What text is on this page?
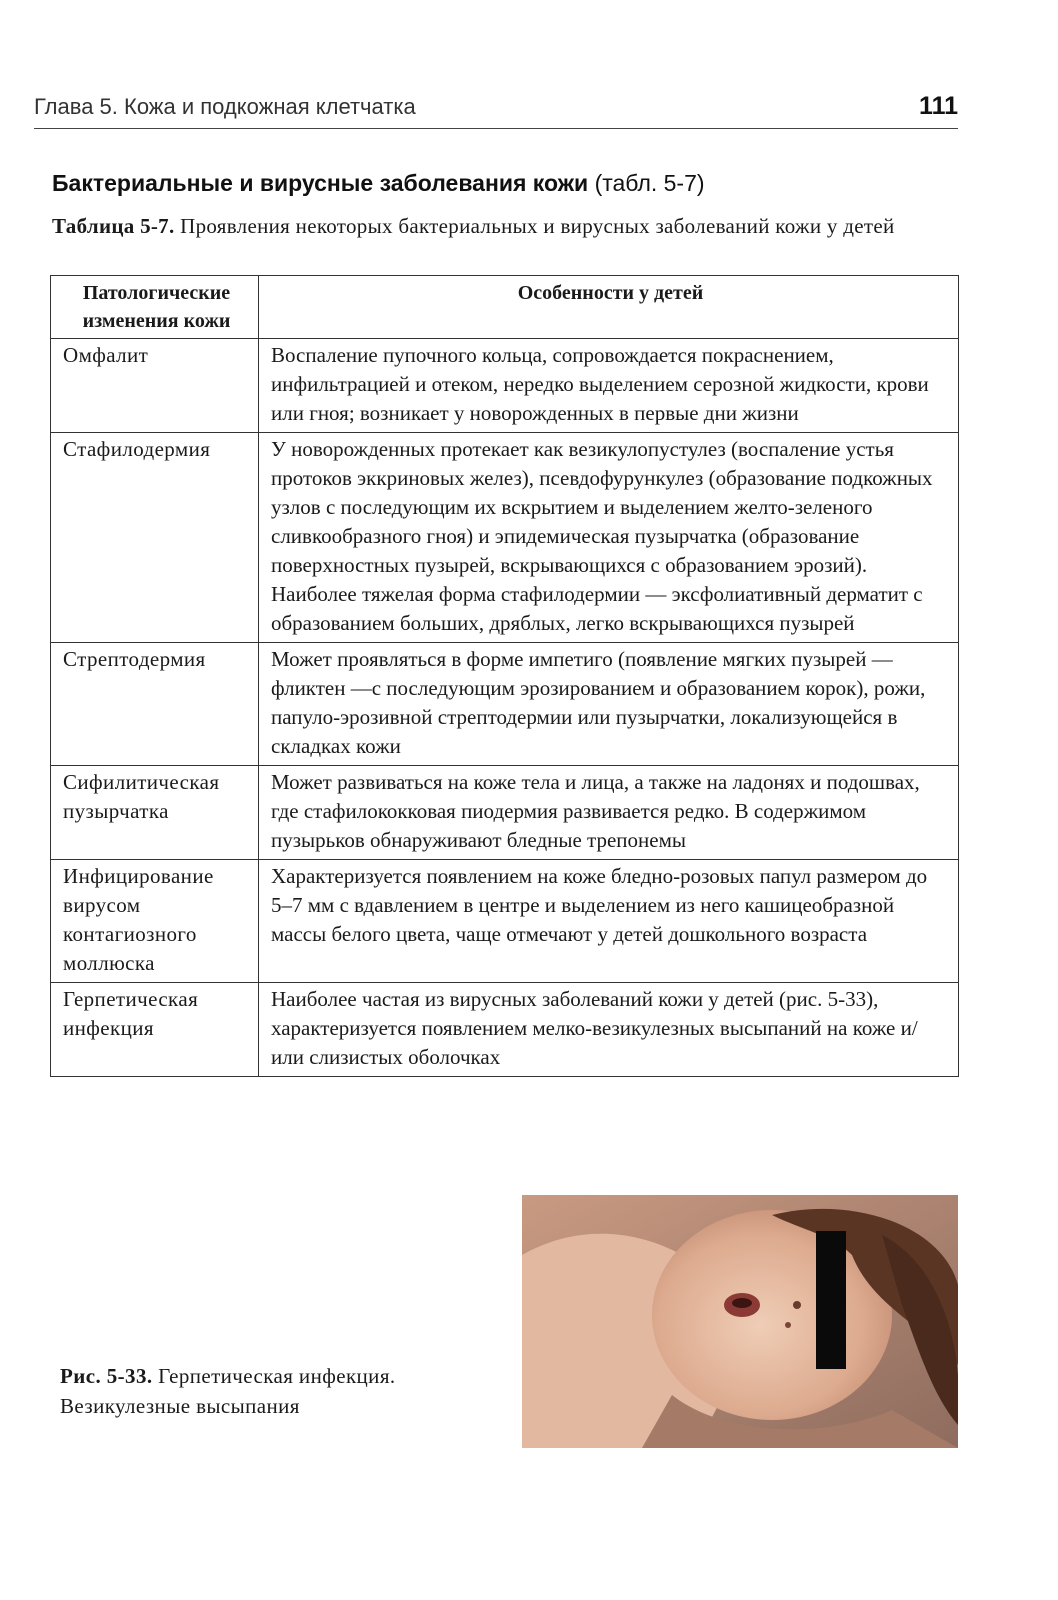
Глава 5. Кожа и подкожная клетчатка	111
Бактериальные и вирусные заболевания кожи (табл. 5-7)
Таблица 5-7. Проявления некоторых бактериальных и вирусных заболеваний кожи у детей
Патологические изменения кожи	Особенности у детей
Омфалит	Воспаление пупочного кольца, сопровождается покраснением, инфильтрацией и отеком, нередко выделением серозной жидкости, крови или гноя; возникает у новорожденных в первые дни жизни
Стафилодермия	У новорожденных протекает как везикулопустулез (воспаление устья протоков эккриновых желез), псевдофурункулез (образование подкожных узлов с последующим их вскрытием и выделением желто-зеленого сливкообразного гноя) и эпидемическая пузырчатка (образование поверхностных пузырей, вскрывающихся с образованием эрозий). Наиболее тяжелая форма стафилодермии — эксфолиативный дерматит с образованием больших, дряблых, легко вскрывающихся пузырей
Стрептодермия	Может проявляться в форме импетиго (появление мягких пузырей —фликтен —с последующим эрозированием и образованием корок), рожи, папуло-эрозивной стрептодермии или пузырчатки, локализующейся в складках кожи
Сифилитическая пузырчатка	Может развиваться на коже тела и лица, а также на ладонях и подошвах, где стафилококковая пиодермия развивается редко. В содержимом пузырьков обнаруживают бледные трепонемы
Инфицирование вирусом контагиозного моллюска	Характеризуется появлением на коже бледно-розовых папул размером до 5–7 мм с вдавлением в центре и выделением из него кашицеобразной массы белого цвета, чаще отмечают у детей дошкольного возраста
Герпетическая инфекция	Наиболее частая из вирусных заболеваний кожи у детей (рис. 5-33), характеризуется появлением мелко-везикулезных высыпаний на коже и/или слизистых оболочках
Рис. 5-33. Герпетическая инфекция. Везикулезные высыпания
